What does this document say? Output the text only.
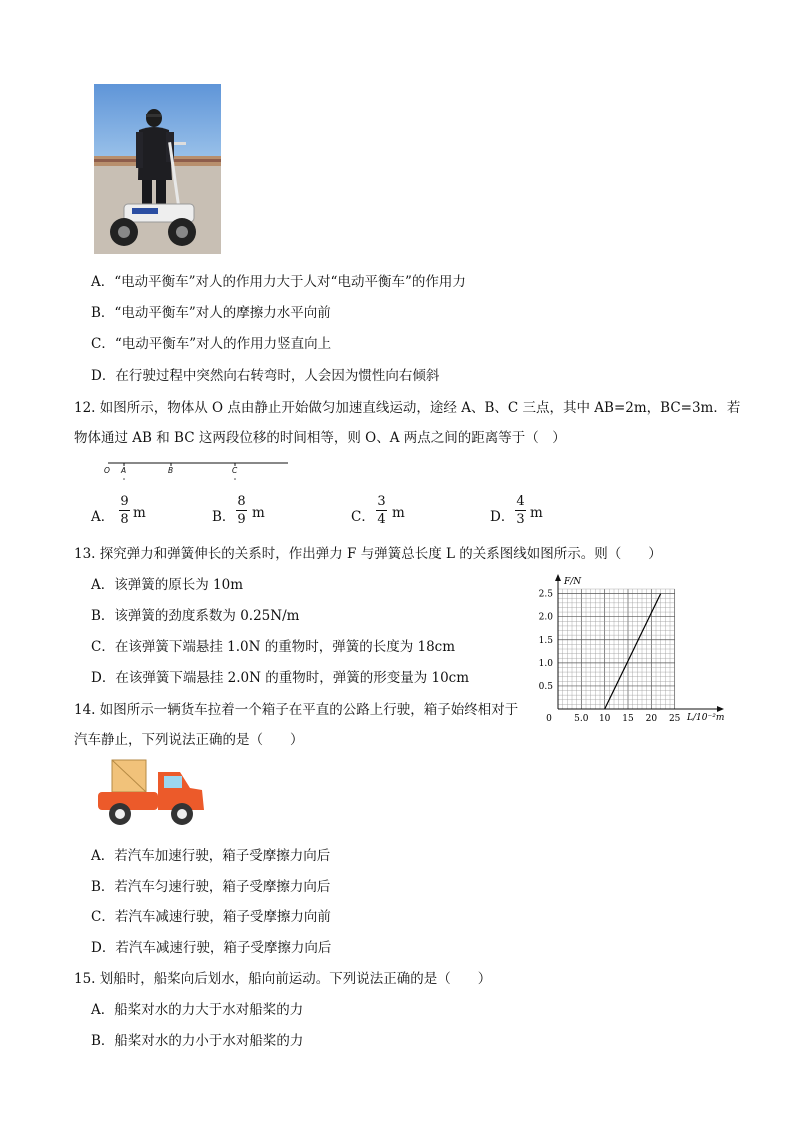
A．“电动平衡车”对人的作用力大于人对“电动平衡车”的作用力
B．“电动平衡车”对人的摩擦力水平向前
C．“电动平衡车”对人的作用力竖直向上
D．在行驶过程中突然向右转弯时，人会因为惯性向右倾斜
12. 如图所示，物体从 O 点由静止开始做匀加速直线运动，途经 A、B、C 三点，其中 AB=2m，BC=3m．若
物体通过 AB 和 BC 这两段位移的时间相等，则 O、A 两点之间的距离等于（　）
O A	B	C
A．
9
8 m	B．
8
9 m	C．
3
4 m	D．
4
3 m
13. 探究弹力和弹簧伸长的关系时，作出弹力 F 与弹簧总长度 L 的关系图线如图所示。则（　　）
A．该弹簧的原长为 10m
B．该弹簧的劲度系数为 0.25N/m
C．在该弹簧下端悬挂 1.0N 的重物时，弹簧的长度为 18cm
D．在该弹簧下端悬挂 2.0N 的重物时，弹簧的形变量为 10cm
0 5.0 10 15 20 25
0.5
1.0
1.5
2.0
2.5
F/N
L/10⁻²m
14. 如图所示一辆货车拉着一个箱子在平直的公路上行驶，箱子始终相对于
汽车静止，下列说法正确的是（　　）
A．若汽车加速行驶，箱子受摩擦力向后
B．若汽车匀速行驶，箱子受摩擦力向后
C．若汽车减速行驶，箱子受摩擦力向前
D．若汽车减速行驶，箱子受摩擦力向后
15. 划船时，船桨向后划水，船向前运动。下列说法正确的是（　　）
A．船桨对水的力大于水对船桨的力
B．船桨对水的力小于水对船桨的力
